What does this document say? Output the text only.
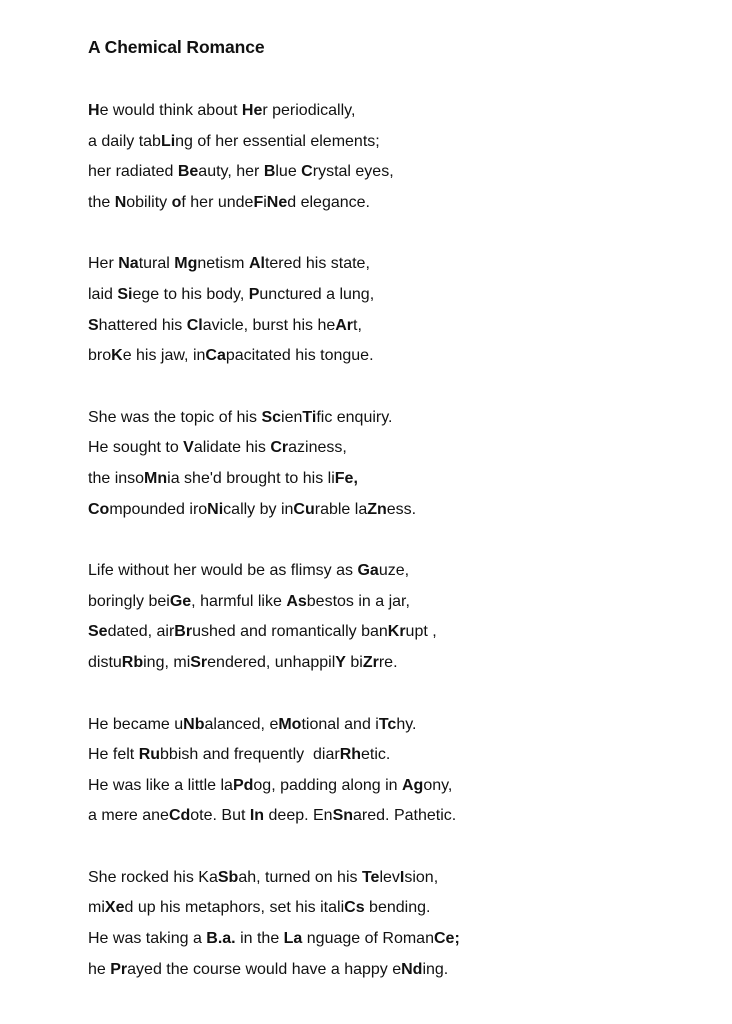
A Chemical Romance
He would think about Her periodically,
a daily tabLing of her essential elements;
her radiated Beauty, her Blue Crystal eyes,
the Nobility of her undeFiNed elegance.
Her Natural Mgnetism Altered his state,
laid Siege to his body, Punctured a lung,
Shattered his Clavicle, burst his heArt,
broKe his jaw, inCapacitated his tongue.
She was the topic of his ScienTific enquiry.
He sought to Validate his Craziness,
the insoMnia she'd brought to his liFe,
Compounded iroNically by inCurable laZness.
Life without her would be as flimsy as Gauze,
boringly beiGe, harmful like Asbestos in a jar,
Sedated, airBrushed and romantically banKrupt ,
distuRbing, miSrendered, unhappilY biZrre.
He became uNbalanced, eMotional and iTchy.
He felt Rubbish and frequently  diarRhetic.
He was like a little laPdog, padding along in Agony,
a mere aneCdote. But In deep. EnSnared. Pathetic.
She rocked his KaSbah, turned on his TelevIsion,
miXed up his metaphors, set his italiCs bending.
He was taking a B.a. in the La nguage of RomanCe;
he Prayed the course would have a happy eNding.
